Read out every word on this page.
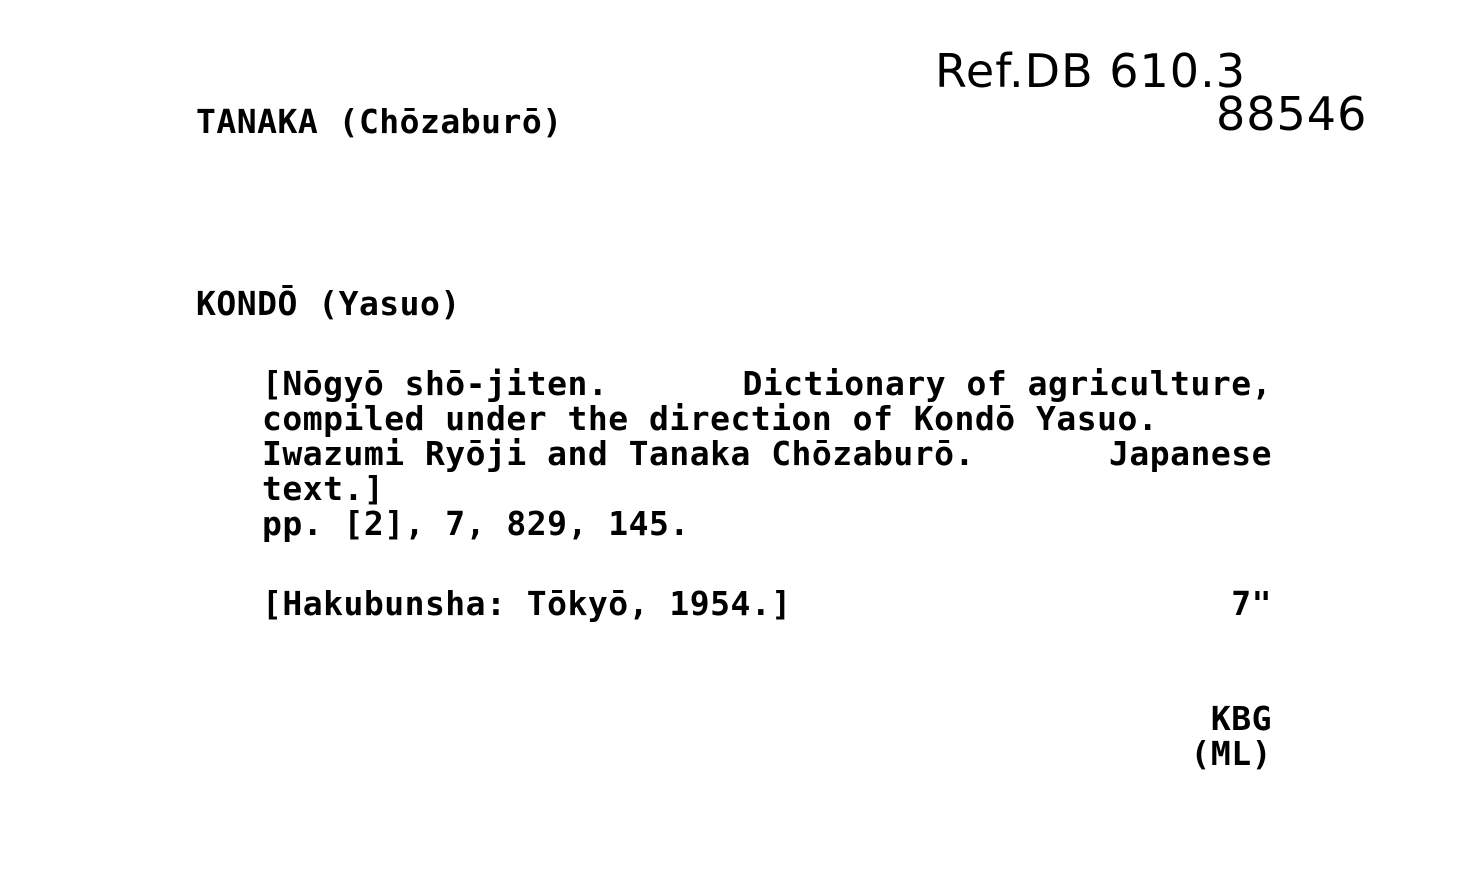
Ref.DB 610.3
88546
TANAKA (Chōzaburō)
KONDŌ (Yasuo)
[Nōgyō shō-jiten.	Dictionary of agriculture,
compiled under the direction of Kondō Yasuo.
Iwazumi Ryōji and Tanaka Chōzaburō.	Japanese
text.]
pp. [2], 7, 829, 145.
[Hakubunsha: Tōkyō, 1954.]	7"
KBG
(ML)
